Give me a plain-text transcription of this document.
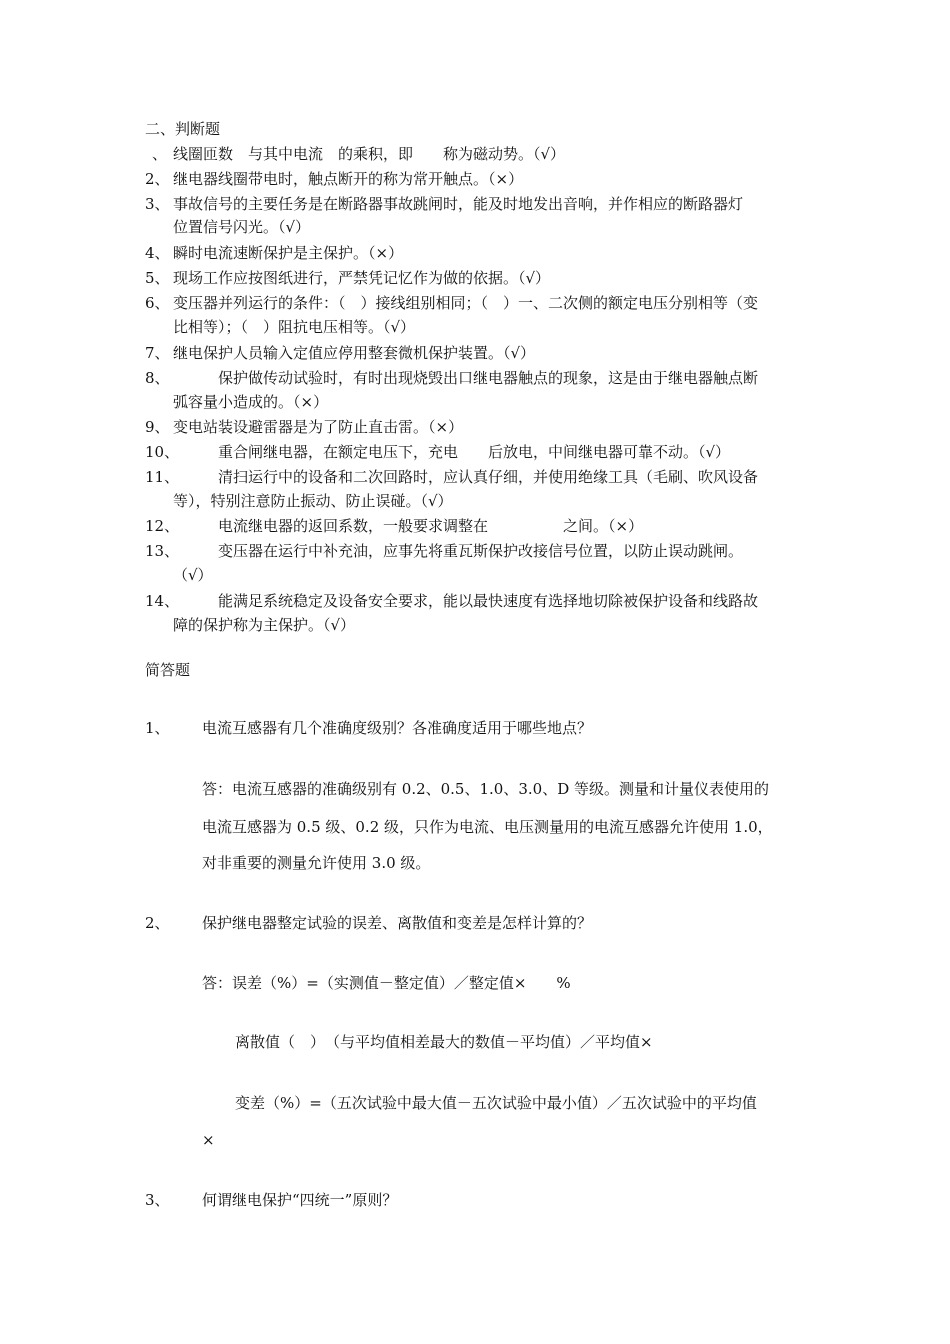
二、判断题
、 线圈匝数　与其中电流　的乘积，即　　称为磁动势。（√）
2、 继电器线圈带电时，触点断开的称为常开触点。（×）
3、 事故信号的主要任务是在断路器事故跳闸时，能及时地发出音响，并作相应的断路器灯
位置信号闪光。（√）
4、 瞬时电流速断保护是主保护。（×）
5、 现场工作应按图纸进行，严禁凭记忆作为做的依据。（√）
6、 变压器并列运行的条件：（　）接线组别相同；（　）一、二次侧的额定电压分别相等（变
比相等）；（　）阻抗电压相等。（√）
7、 继电保护人员输入定值应停用整套微机保护装置。（√）
8、 　　　保护做传动试验时，有时出现烧毁出口继电器触点的现象，这是由于继电器触点断
弧容量小造成的。（×）
9、 变电站装设避雷器是为了防止直击雷。（×）
10、
　　　重合闸继电器，在额定电压下，充电　　后放电，中间继电器可靠不动。（√）
11、
　　　清扫运行中的设备和二次回路时，应认真仔细，并使用绝缘工具（毛刷、吹风设备
等），特别注意防止振动、防止误碰。（√）
12、
　　　电流继电器的返回系数，一般要求调整在　　　　　之间。（×）
13、
　　　变压器在运行中补充油，应事先将重瓦斯保护改接信号位置，以防止误动跳闸。
（√）
14、
　　　能满足系统稳定及设备安全要求，能以最快速度有选择地切除被保护设备和线路故
障的保护称为主保护。（√）
简答题
1、 电流互感器有几个准确度级别？各准确度适用于哪些地点？
答：电流互感器的准确级别有 0.2、0.5、1.0、3.0、D 等级。测量和计量仪表使用的
电流互感器为 0.5 级、0.2 级，只作为电流、电压测量用的电流互感器允许使用 1.0，
对非重要的测量允许使用 3.0 级。
2、 保护继电器整定试验的误差、离散值和变差是怎样计算的？
答：误差（%）=（实测值－整定值）／整定值×　　%
离散值（　）　（与平均值相差最大的数值－平均值）／平均值×
变差（%）=（五次试验中最大值－五次试验中最小值）／五次试验中的平均值
×
3、 何谓继电保护“四统一”原则？
